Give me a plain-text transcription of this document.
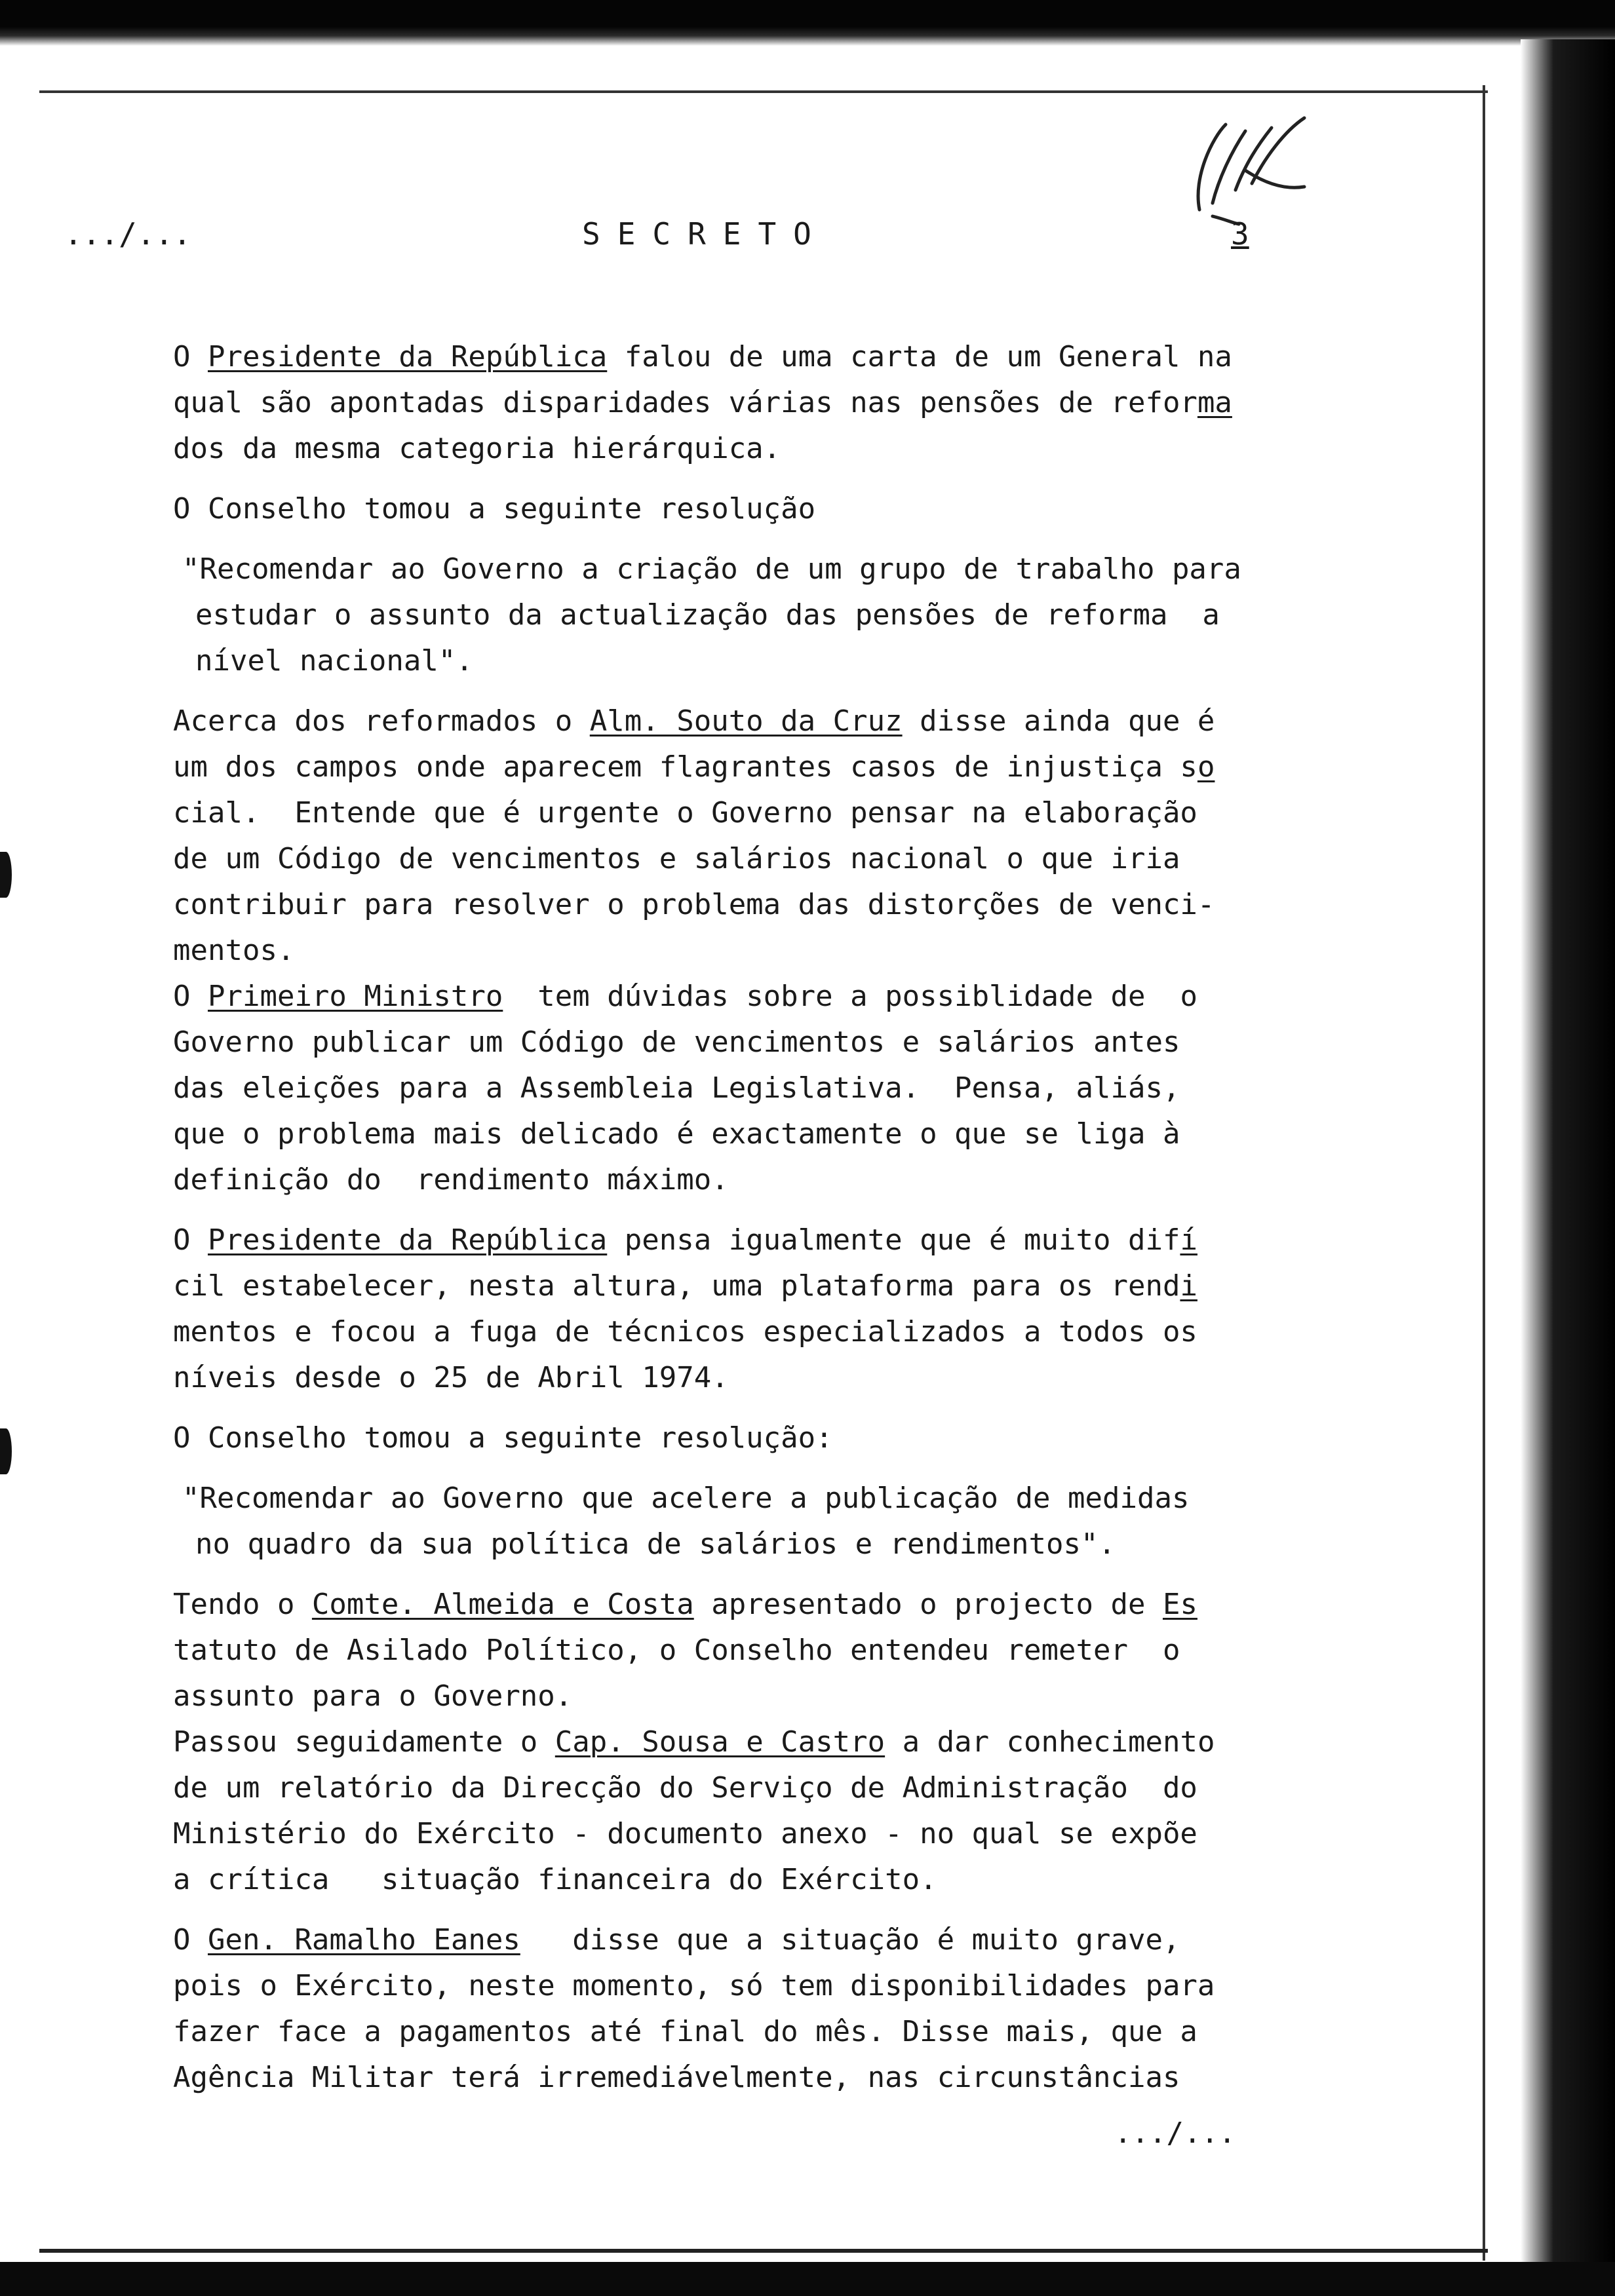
.../...	SECRETO	3
O Presidente da República falou de uma carta de um General na
qual são apontadas disparidades várias nas pensões de reforma
dos da mesma categoria hierárquica.
O Conselho tomou a seguinte resolução
"Recomendar ao Governo a criação de um grupo de trabalho para
estudar o assunto da actualização das pensões de reforma  a
nível nacional".
Acerca dos reformados o Alm. Souto da Cruz disse ainda que é
um dos campos onde aparecem flagrantes casos de injustiça so
cial.  Entende que é urgente o Governo pensar na elaboração
de um Código de vencimentos e salários nacional o que iria
contribuir para resolver o problema das distorções de venci-
mentos.
O Primeiro Ministro  tem dúvidas sobre a possiblidade de  o
Governo publicar um Código de vencimentos e salários antes
das eleições para a Assembleia Legislativa.  Pensa, aliás,
que o problema mais delicado é exactamente o que se liga à
definição do  rendimento máximo.
O Presidente da República pensa igualmente que é muito difí
cil estabelecer, nesta altura, uma plataforma para os rendi
mentos e focou a fuga de técnicos especializados a todos os
níveis desde o 25 de Abril 1974.
O Conselho tomou a seguinte resolução:
"Recomendar ao Governo que acelere a publicação de medidas
no quadro da sua política de salários e rendimentos".
Tendo o Comte. Almeida e Costa apresentado o projecto de Es
tatuto de Asilado Político, o Conselho entendeu remeter  o
assunto para o Governo.
Passou seguidamente o Cap. Sousa e Castro a dar conhecimento
de um relatório da Direcção do Serviço de Administração  do
Ministério do Exército - documento anexo - no qual se expõe
a crítica   situação financeira do Exército.
O Gen. Ramalho Eanes   disse que a situação é muito grave,
pois o Exército, neste momento, só tem disponibilidades para
fazer face a pagamentos até final do mês. Disse mais, que a
Agência Militar terá irremediávelmente, nas circunstâncias
.../...
